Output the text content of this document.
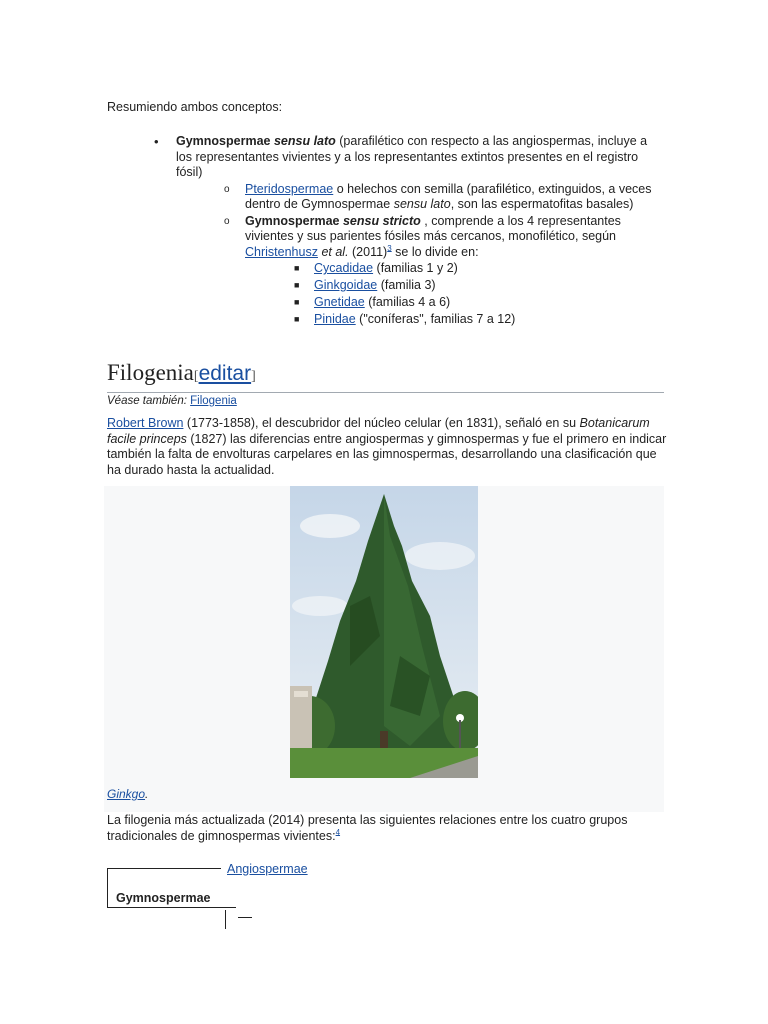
Resumiendo ambos conceptos:
• Gymnospermae sensu lato (parafilético con respecto a las angiospermas, incluye a los representantes vivientes y a los representantes extintos presentes en el registro fósil)
o Pteridospermae o helechos con semilla (parafilético, extinguidos, a veces dentro de Gymnospermae sensu lato, son las espermatofitas basales)
o Gymnospermae sensu stricto , comprende a los 4 representantes vivientes y sus parientes fósiles más cercanos, monofilético, según Christenhusz et al. (2011)$^3$ se lo divide en:
■ Cycadidae (familias 1 y 2)
■ Ginkgoidae (familia 3)
■ Gnetidae (familias 4 a 6)
■ Pinidae ("coníferas", familias 7 a 12)
Filogenia[editar]
Véase también: Filogenia
Robert Brown (1773-1858), el descubridor del núcleo celular (en 1831), señaló en su Botanicarum facile princeps (1827) las diferencias entre angiospermas y gimnospermas y fue el primero en indicar también la falta de envolturas carpelares en las gimnospermas, desarrollando una clasificación que ha durado hasta la actualidad.
Ginkgo.
La filogenia más actualizada (2014) presenta las siguientes relaciones entre los cuatro grupos tradicionales de gimnospermas vivientes:$^4$
Angiospermae
Gymnospermae
